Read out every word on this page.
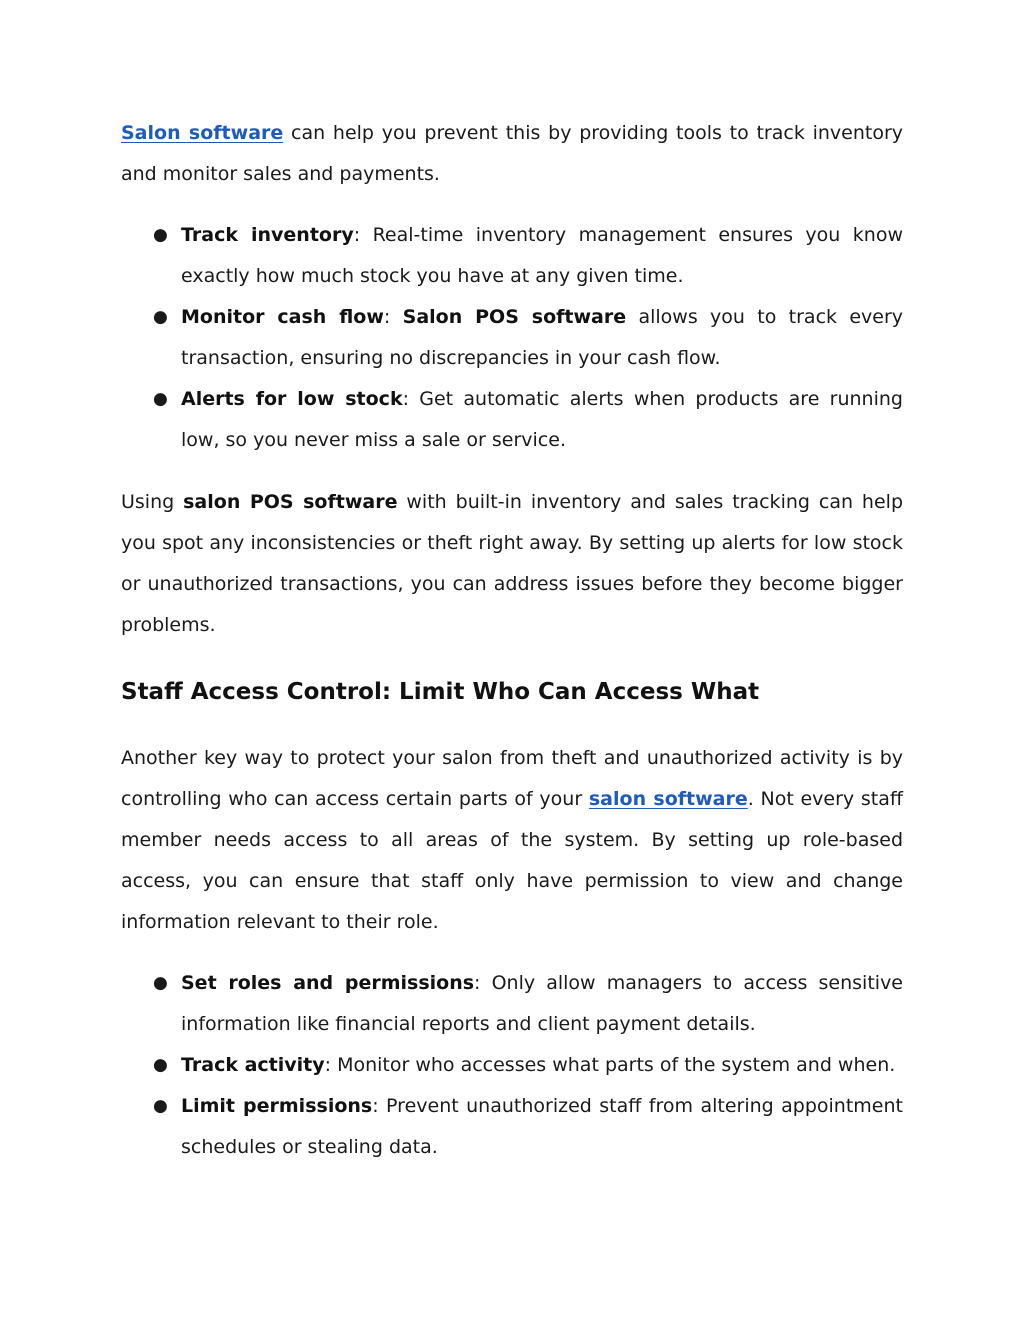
Salon software can help you prevent this by providing tools to track inventory and monitor sales and payments.

● Track inventory: Real-time inventory management ensures you know exactly how much stock you have at any given time.
● Monitor cash flow: Salon POS software allows you to track every transaction, ensuring no discrepancies in your cash flow.
● Alerts for low stock: Get automatic alerts when products are running low, so you never miss a sale or service.

Using salon POS software with built-in inventory and sales tracking can help you spot any inconsistencies or theft right away. By setting up alerts for low stock or unauthorized transactions, you can address issues before they become bigger problems.

Staff Access Control: Limit Who Can Access What

Another key way to protect your salon from theft and unauthorized activity is by controlling who can access certain parts of your salon software. Not every staff member needs access to all areas of the system. By setting up role-based access, you can ensure that staff only have permission to view and change information relevant to their role.

● Set roles and permissions: Only allow managers to access sensitive information like financial reports and client payment details.
● Track activity: Monitor who accesses what parts of the system and when.
● Limit permissions: Prevent unauthorized staff from altering appointment schedules or stealing data.
